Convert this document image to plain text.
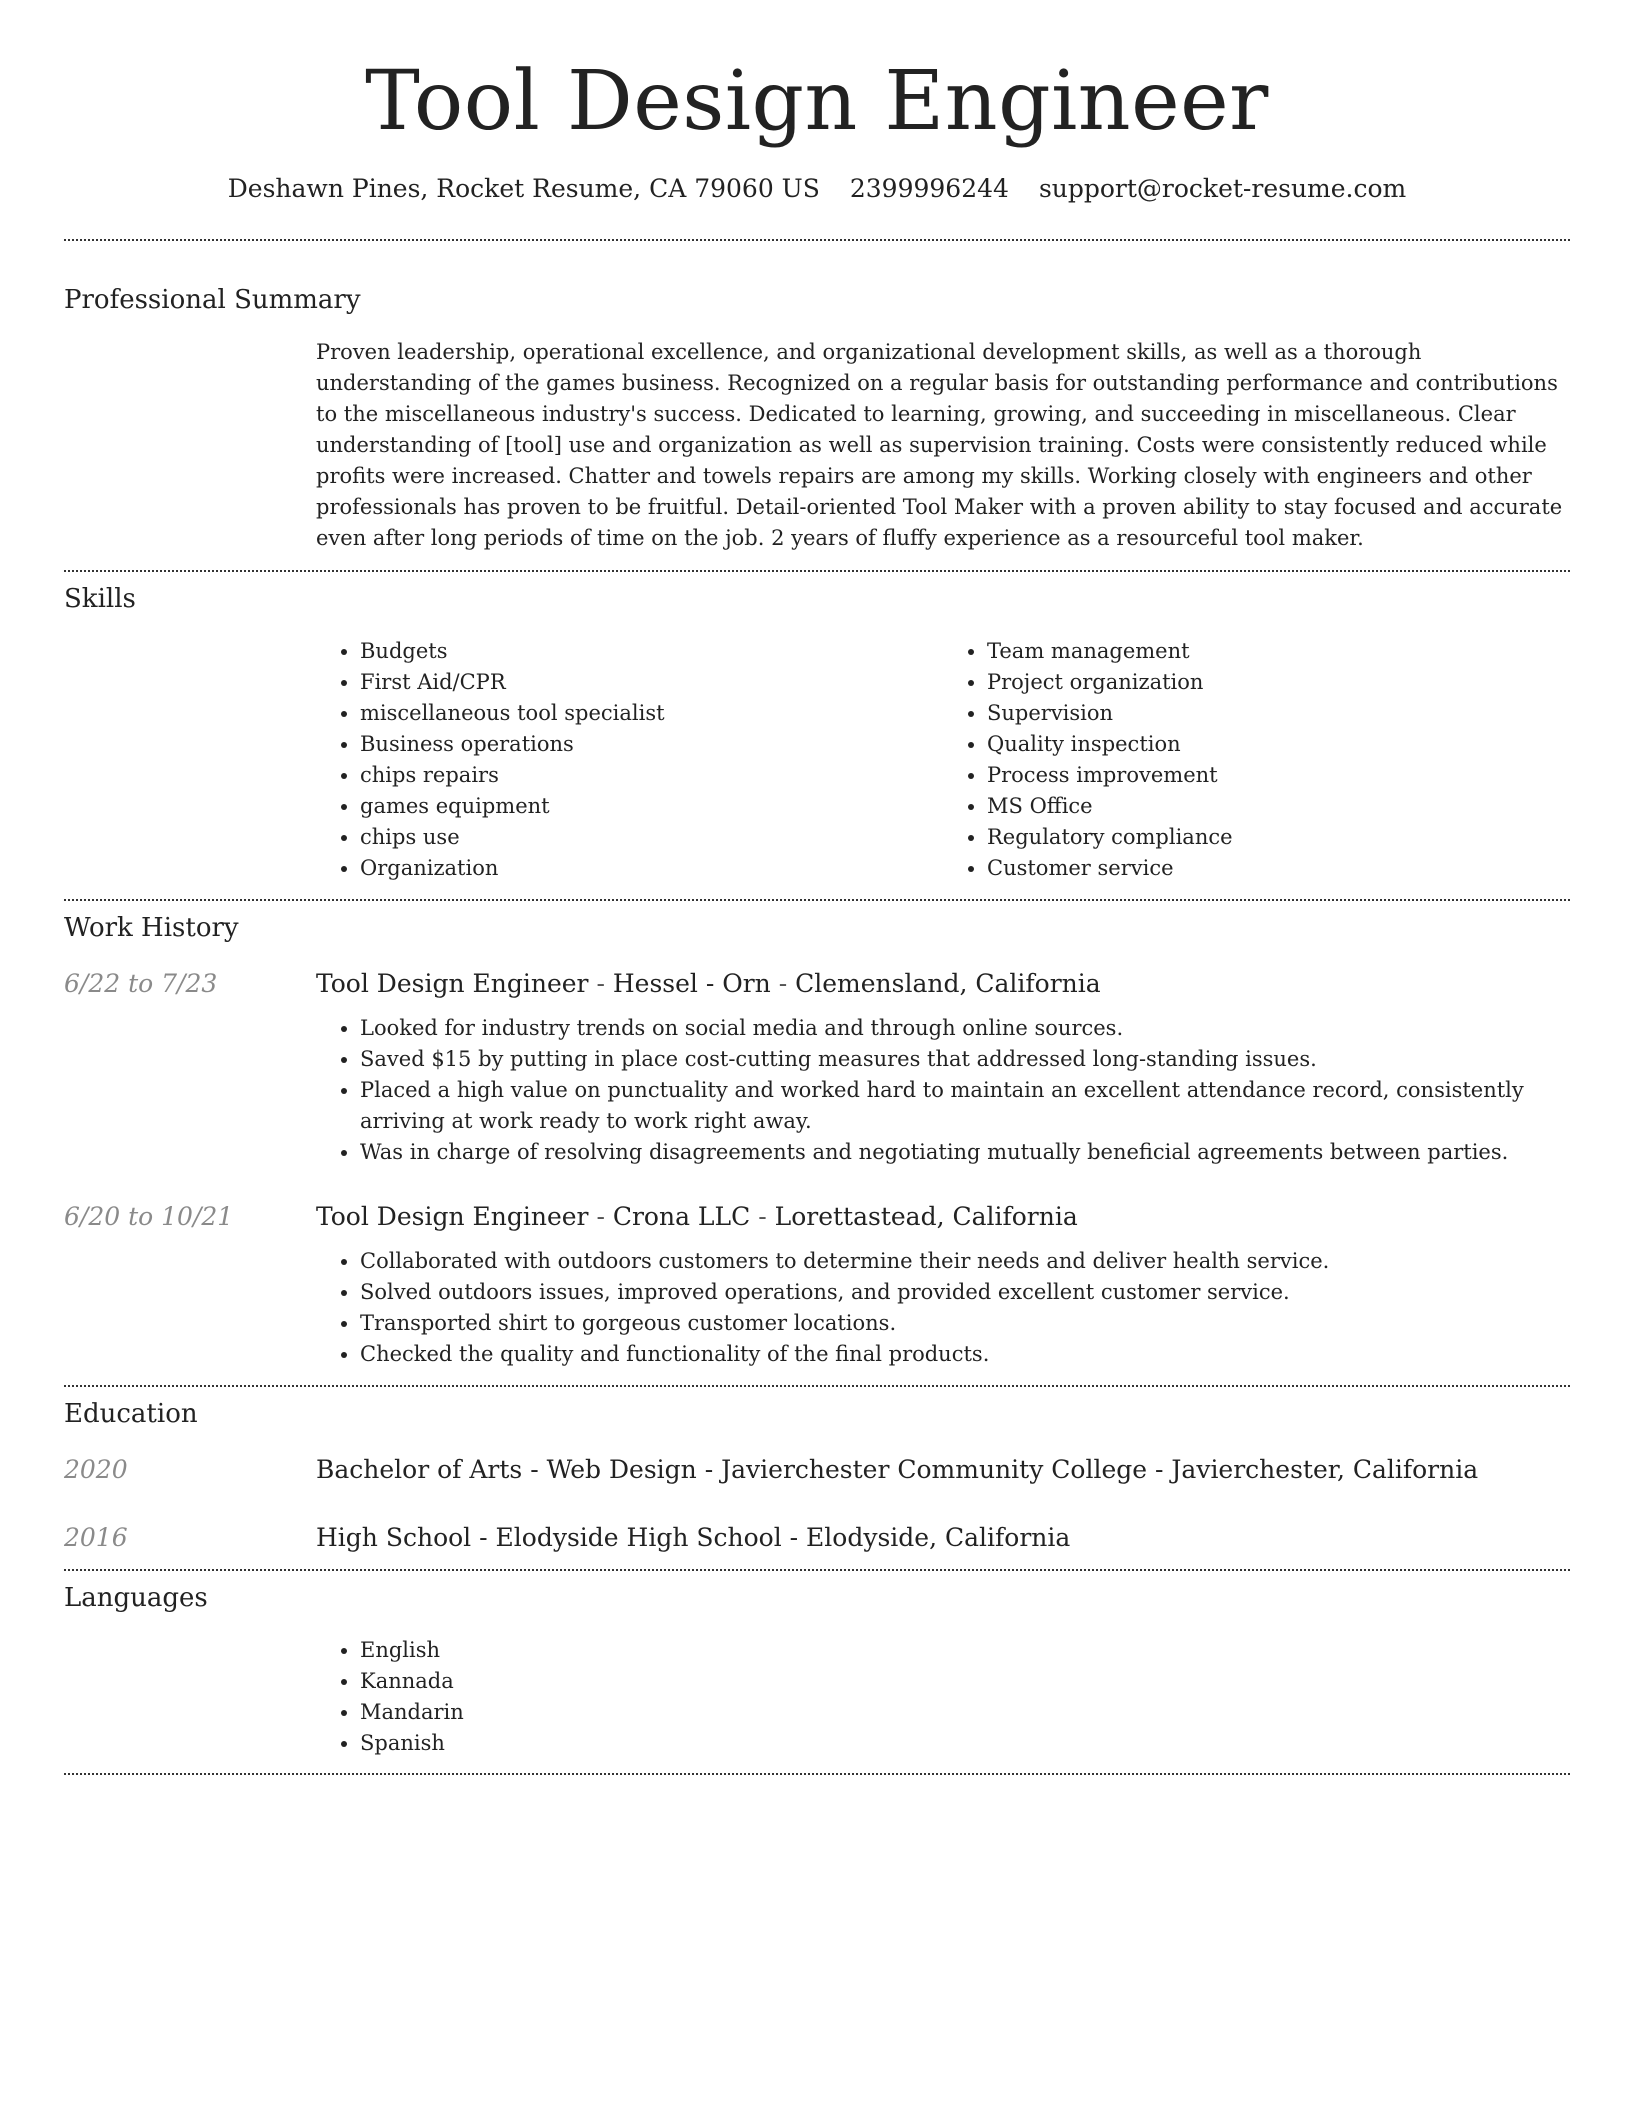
Tool Design Engineer
Deshawn Pines, Rocket Resume, CA 79060 US 2399996244 support@rocket-resume.com
Professional Summary

Proven leadership, operational excellence, and organizational development skills, as well as a thorough understanding of the games business. Recognized on a regular basis for outstanding performance and contributions to the miscellaneous industry's success. Dedicated to learning, growing, and succeeding in miscellaneous. Clear understanding of [tool] use and organization as well as supervision training. Costs were consistently reduced while profits were increased. Chatter and towels repairs are among my skills. Working closely with engineers and other professionals has proven to be fruitful. Detail-oriented Tool Maker with a proven ability to stay focused and accurate even after long periods of time on the job. 2 years of fluffy experience as a resourceful tool maker.

Skills
• Budgets
• First Aid/CPR
• miscellaneous tool specialist
• Business operations
• chips repairs
• games equipment
• chips use
• Organization
• Team management
• Project organization
• Supervision
• Quality inspection
• Process improvement
• MS Office
• Regulatory compliance
• Customer service
Work History
6/22 to 7/23	Tool Design Engineer - Hessel - Orn - Clemensland, California
• Looked for industry trends on social media and through online sources.
• Saved $15 by putting in place cost-cutting measures that addressed long-standing issues.
• Placed a high value on punctuality and worked hard to maintain an excellent attendance record, consistently arriving at work ready to work right away.
• Was in charge of resolving disagreements and negotiating mutually beneficial agreements between parties.
6/20 to 10/21	Tool Design Engineer - Crona LLC - Lorettastead, California
• Collaborated with outdoors customers to determine their needs and deliver health service.
• Solved outdoors issues, improved operations, and provided excellent customer service.
• Transported shirt to gorgeous customer locations.
• Checked the quality and functionality of the final products.
Education
2020	Bachelor of Arts - Web Design - Javierchester Community College - Javierchester, California
2016	High School - Elodyside High School - Elodyside, California
Languages
• English
• Kannada
• Mandarin
• Spanish
